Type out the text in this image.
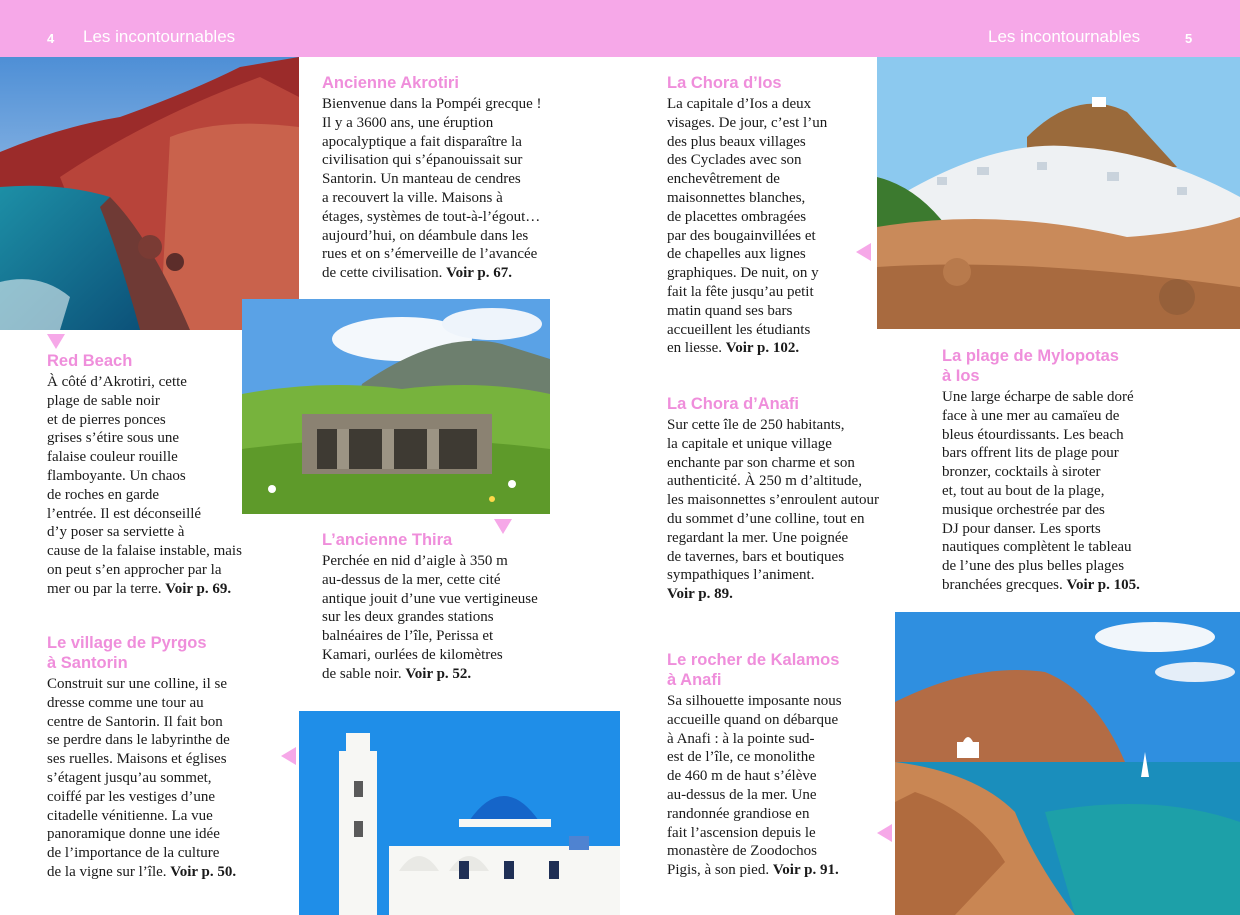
4 Les incontournables	Les incontournables	5
Ancienne Akrotiri

Bienvenue dans la Pompéi grecque !
Il y a 3600 ans, une éruption
apocalyptique a fait disparaître la
civilisation qui s’épanouissait sur
Santorin. Un manteau de cendres
a recouvert la ville. Maisons à
étages, systèmes de tout-à-l’égout…
aujourd’hui, on déambule dans les
rues et on s’émerveille de l’avancée
de cette civilisation. Voir p. 67.

Red Beach

À côté d’Akrotiri, cette
plage de sable noir
et de pierres ponces
grises s’étire sous une
falaise couleur rouille
flamboyante. Un chaos
de roches en garde
l’entrée. Il est déconseillé
d’y poser sa serviette à
cause de la falaise instable, mais
on peut s’en approcher par la
mer ou par la terre. Voir p. 69.

L’ancienne Thira

Perchée en nid d’aigle à 350 m
au-dessus de la mer, cette cité
antique jouit d’une vue vertigineuse
sur les deux grandes stations
balnéaires de l’île, Perissa et
Kamari, ourlées de kilomètres
de sable noir. Voir p. 52.

Le village de Pyrgos
à Santorin

Construit sur une colline, il se
dresse comme une tour au
centre de Santorin. Il fait bon
se perdre dans le labyrinthe de
ses ruelles. Maisons et églises
s’étagent jusqu’au sommet,
coiffé par les vestiges d’une
citadelle vénitienne. La vue
panoramique donne une idée
de l’importance de la culture
de la vigne sur l’île. Voir p. 50.

La Chora d’Ios

La capitale d’Ios a deux
visages. De jour, c’est l’un
des plus beaux villages
des Cyclades avec son
enchevêtrement de
maisonnettes blanches,
de placettes ombragées
par des bougainvillées et
de chapelles aux lignes
graphiques. De nuit, on y
fait la fête jusqu’au petit
matin quand ses bars
accueillent les étudiants
en liesse. Voir p. 102.

La Chora d’Anafi

Sur cette île de 250 habitants,
la capitale et unique village
enchante par son charme et son
authenticité. À 250 m d’altitude,
les maisonnettes s’enroulent autour
du sommet d’une colline, tout en
regardant la mer. Une poignée
de tavernes, bars et boutiques
sympathiques l’animent.
Voir p. 89.

Le rocher de Kalamos
à Anafi

Sa silhouette imposante nous
accueille quand on débarque
à Anafi : à la pointe sud-
est de l’île, ce monolithe
de 460 m de haut s’élève
au-dessus de la mer. Une
randonnée grandiose en
fait l’ascension depuis le
monastère de Zoodochos
Pigis, à son pied. Voir p. 91.

La plage de Mylopotas
à Ios

Une large écharpe de sable doré
face à une mer au camaïeu de
bleus étourdissants. Les beach
bars offrent lits de plage pour
bronzer, cocktails à siroter
et, tout au bout de la plage,
musique orchestrée par des
DJ pour danser. Les sports
nautiques complètent le tableau
de l’une des plus belles plages
branchées grecques. Voir p. 105.
